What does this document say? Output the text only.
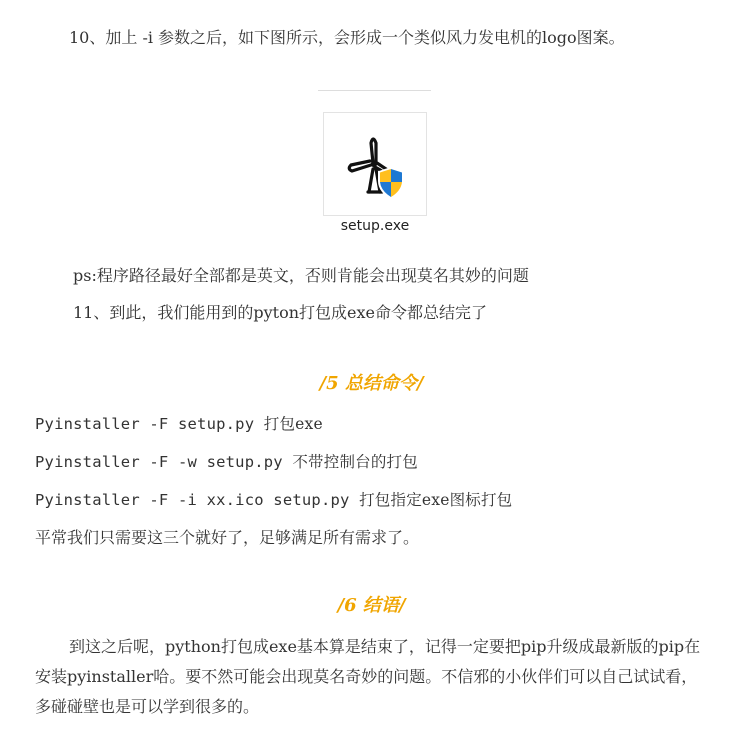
10、加上 -i 参数之后，如下图所示，会形成一个类似风力发电机的logo图案。

setup.exe
ps:程序路径最好全部都是英文，否则肯能会出现莫名其妙的问题
11、到此，我们能用到的pyton打包成exe命令都总结完了
/5 总结命令/
Pyinstaller -F setup.py 打包exe
Pyinstaller -F -w setup.py 不带控制台的打包
Pyinstaller -F -i xx.ico setup.py 打包指定exe图标打包
平常我们只需要这三个就好了，足够满足所有需求了。
/6 结语/

到这之后呢，python打包成exe基本算是结束了，记得一定要把pip升级成最新版的pip在安装pyinstaller哈。要不然可能会出现莫名奇妙的问题。不信邪的小伙伴们可以自己试试看，多碰碰壁也是可以学到很多的。
